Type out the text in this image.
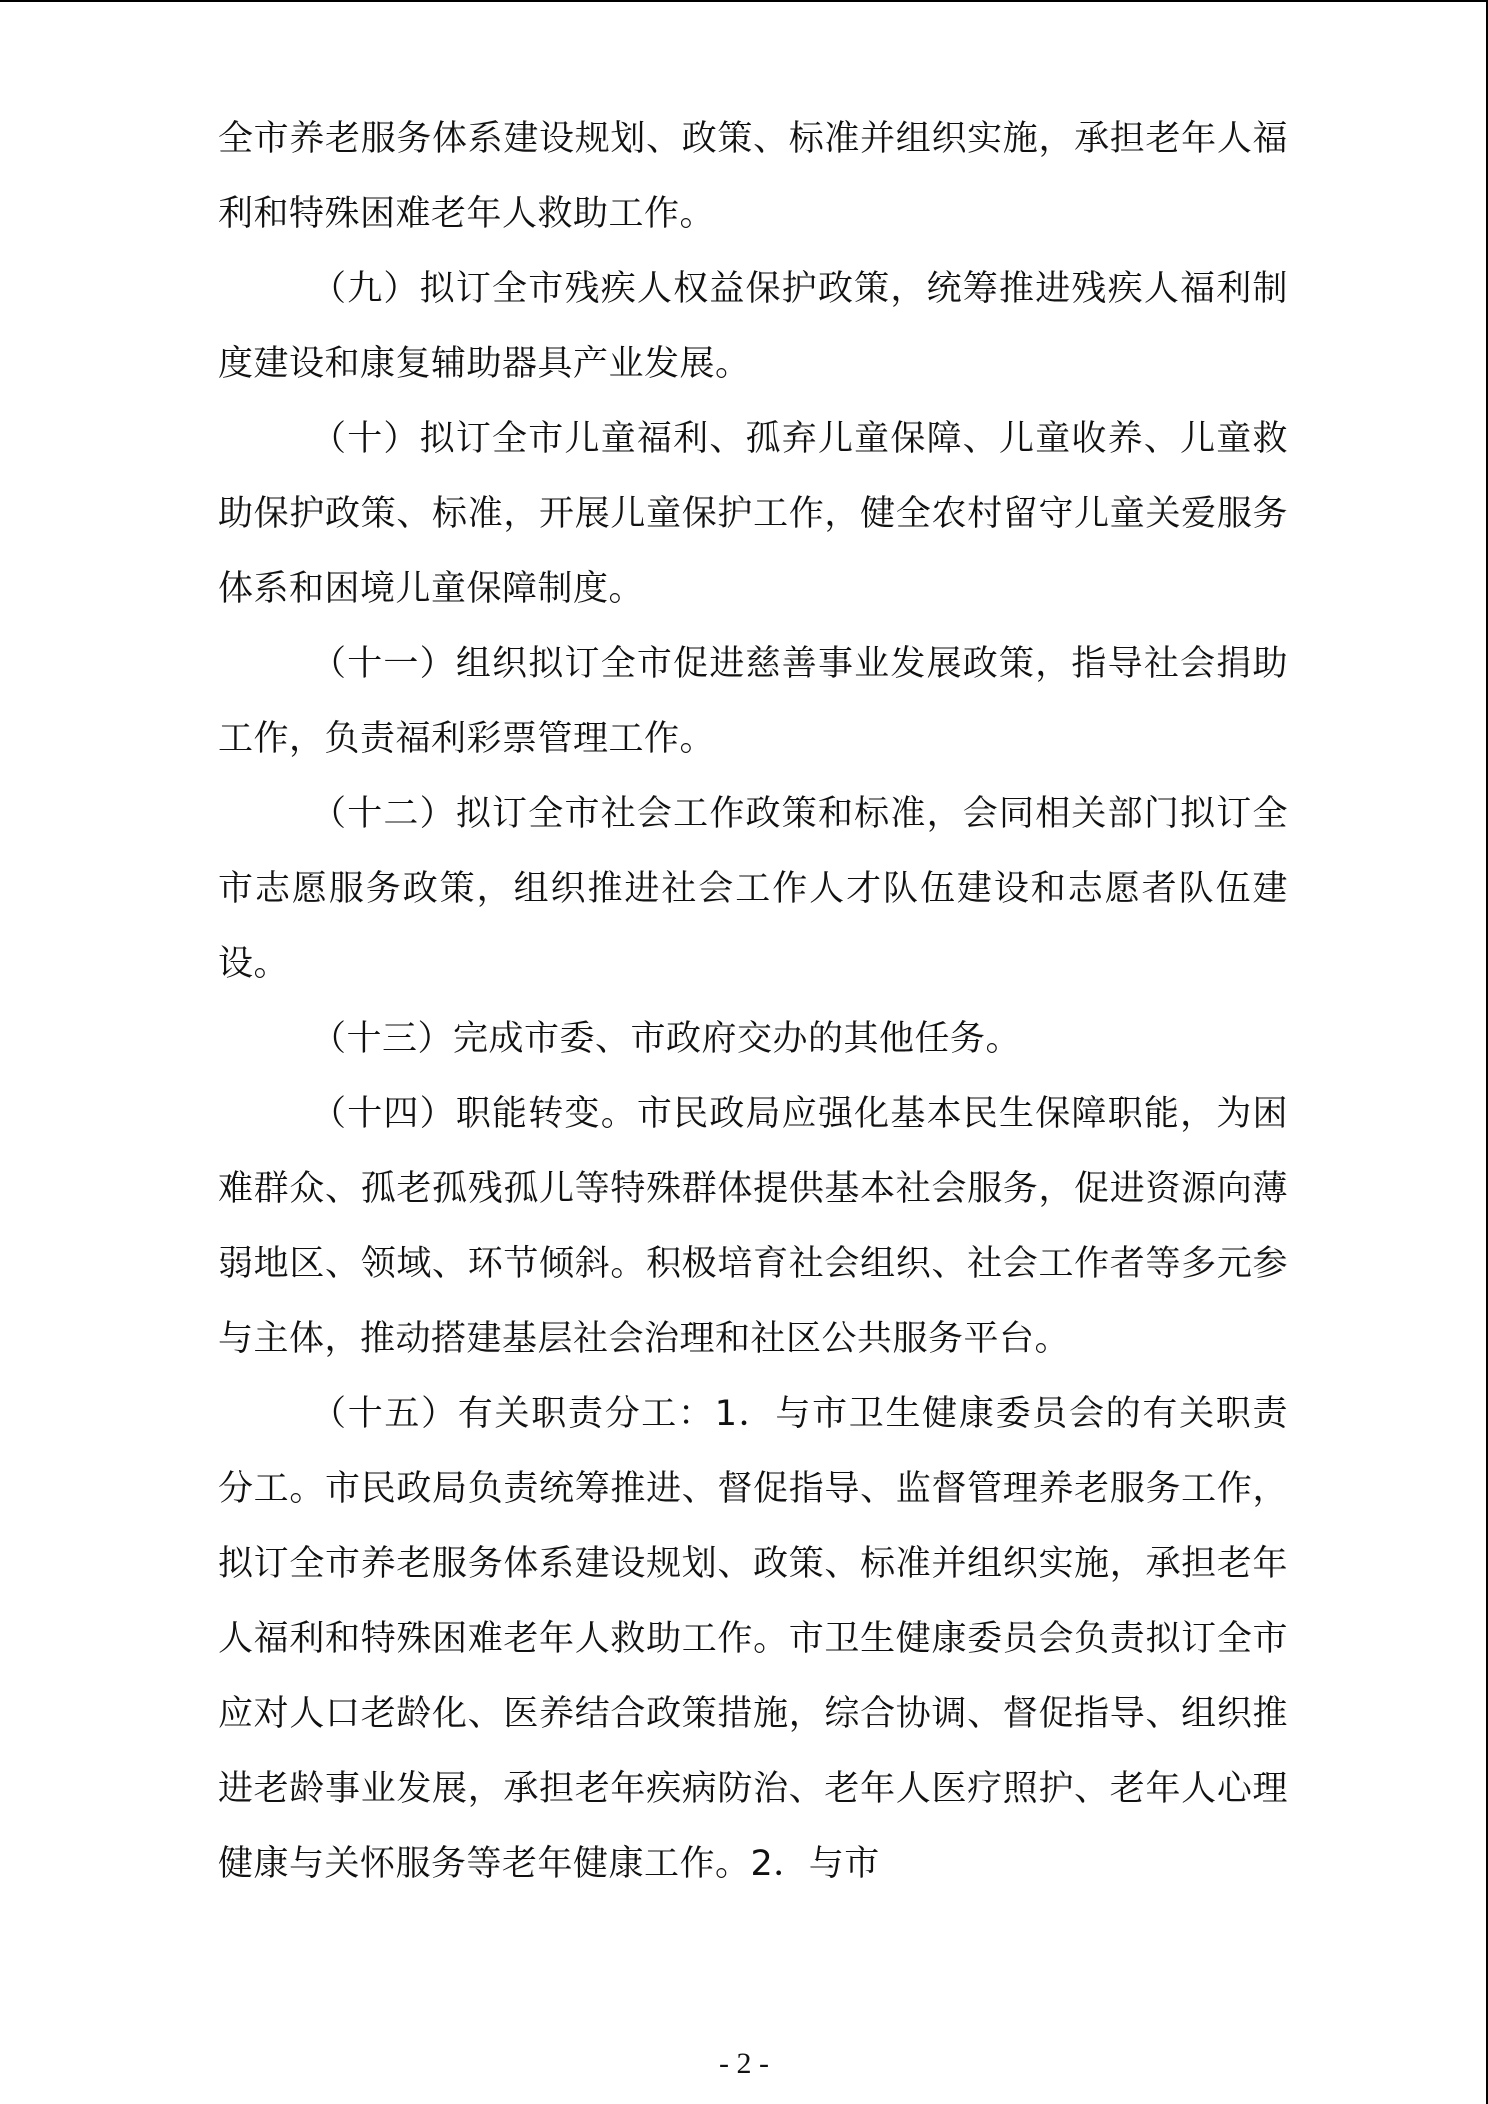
全市养老服务体系建设规划、政策、标准并组织实施，承担老年人福利和特殊困难老年人救助工作。

（九）拟订全市残疾人权益保护政策，统筹推进残疾人福利制度建设和康复辅助器具产业发展。

（十）拟订全市儿童福利、孤弃儿童保障、儿童收养、儿童救助保护政策、标准，开展儿童保护工作，健全农村留守儿童关爱服务体系和困境儿童保障制度。

（十一）组织拟订全市促进慈善事业发展政策，指导社会捐助工作，负责福利彩票管理工作。

（十二）拟订全市社会工作政策和标准，会同相关部门拟订全市志愿服务政策，组织推进社会工作人才队伍建设和志愿者队伍建设。

（十三）完成市委、市政府交办的其他任务。

（十四）职能转变。市民政局应强化基本民生保障职能，为困难群众、孤老孤残孤儿等特殊群体提供基本社会服务，促进资源向薄弱地区、领域、环节倾斜。积极培育社会组织、社会工作者等多元参与主体，推动搭建基层社会治理和社区公共服务平台。

（十五）有关职责分工：1．与市卫生健康委员会的有关职责分工。市民政局负责统筹推进、督促指导、监督管理养老服务工作，拟订全市养老服务体系建设规划、政策、标准并组织实施，承担老年人福利和特殊困难老年人救助工作。市卫生健康委员会负责拟订全市应对人口老龄化、医养结合政策措施，综合协调、督促指导、组织推进老龄事业发展，承担老年疾病防治、老年人医疗照护、老年人心理健康与关怀服务等老年健康工作。2．与市

- 2 -
